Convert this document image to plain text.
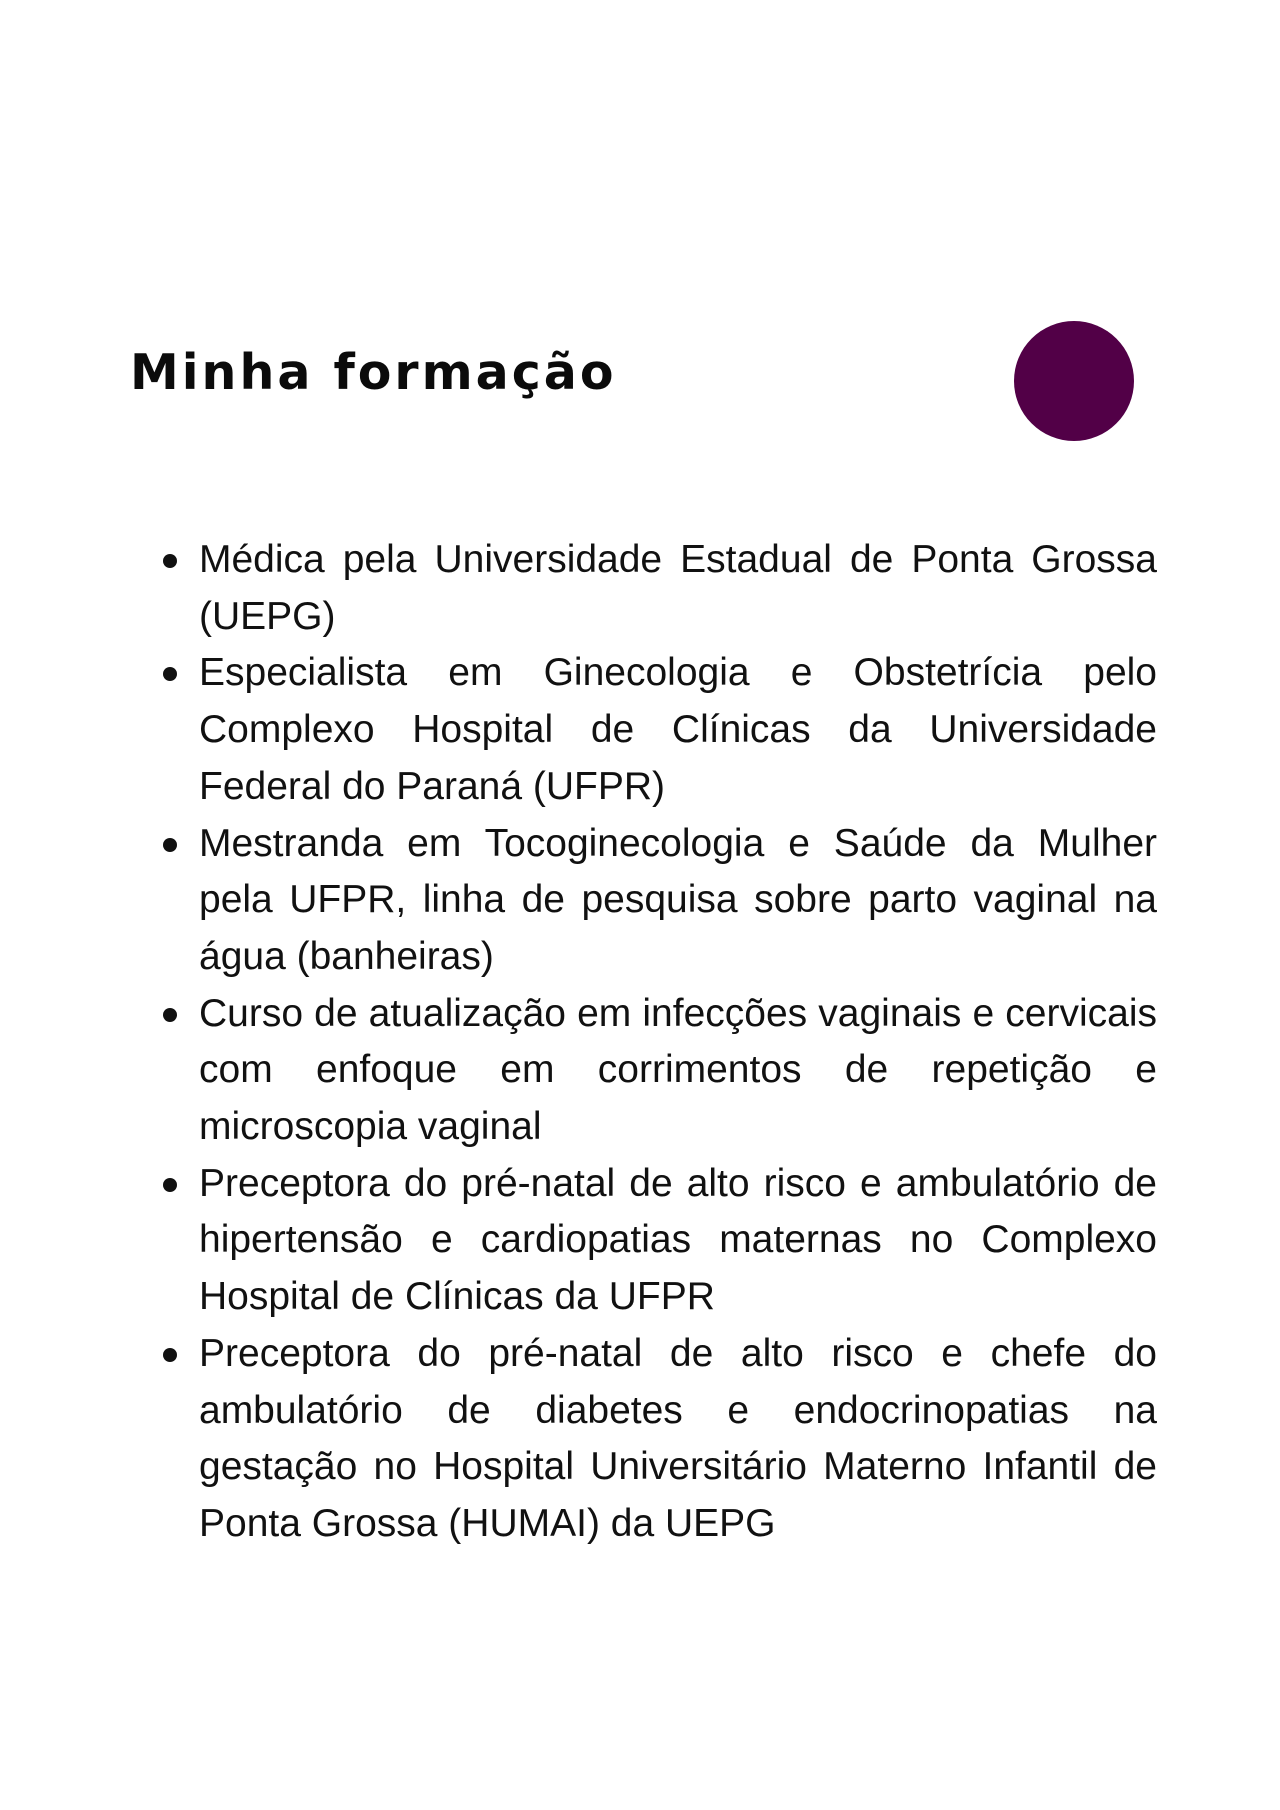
Minha formação
Médica pela Universidade Estadual de Ponta Grossa (UEPG)
Especialista em Ginecologia e Obstetrícia pelo Complexo Hospital de Clínicas da Universidade Federal do Paraná (UFPR)
Mestranda em Tocoginecologia e Saúde da Mulher pela UFPR, linha de pesquisa sobre parto vaginal na água (banheiras)
Curso de atualização em infecções vaginais e cervicais com enfoque em corrimentos de repetição e microscopia vaginal
Preceptora do pré-natal de alto risco e ambulatório de hipertensão e cardiopatias maternas no Complexo Hospital de Clínicas da UFPR
Preceptora do pré-natal de alto risco e chefe do ambulatório de diabetes e endocrinopatias na gestação no Hospital Universitário Materno Infantil de Ponta Grossa (HUMAI) da UEPG
